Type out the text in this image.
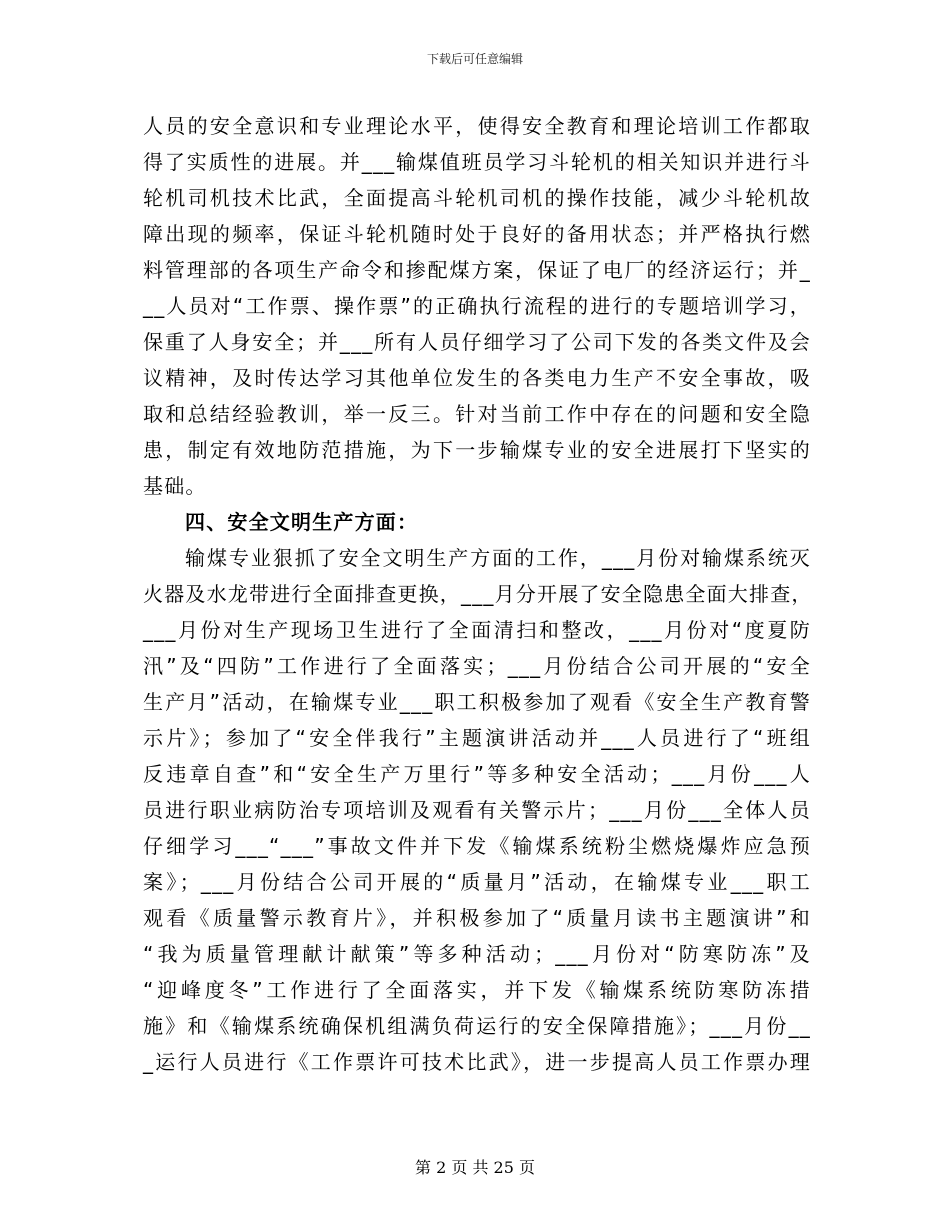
下载后可任意编辑
人员的安全意识和专业理论水平，使得安全教育和理论培训工作都取
得了实质性的进展。并___输煤值班员学习斗轮机的相关知识并进行斗
轮机司机技术比武，全面提高斗轮机司机的操作技能，减少斗轮机故
障出现的频率，保证斗轮机随时处于良好的备用状态；并严格执行燃
料管理部的各项生产命令和掺配煤方案，保证了电厂的经济运行；并_
__人员对“工作票、操作票”的正确执行流程的进行的专题培训学习，
保重了人身安全；并___所有人员仔细学习了公司下发的各类文件及会
议精神，及时传达学习其他单位发生的各类电力生产不安全事故，吸
取和总结经验教训，举一反三。针对当前工作中存在的问题和安全隐
患，制定有效地防范措施，为下一步输煤专业的安全进展打下坚实的
基础。
四、安全文明生产方面：
输煤专业狠抓了安全文明生产方面的工作，___月份对输煤系统灭
火器及水龙带进行全面排查更换，___月分开展了安全隐患全面大排查，
___月份对生产现场卫生进行了全面清扫和整改，___月份对“度夏防
汛”及“四防”工作进行了全面落实；___月份结合公司开展的“安全
生产月”活动，在输煤专业___职工积极参加了观看《安全生产教育警
示片》；参加了“安全伴我行”主题演讲活动并___人员进行了“班组
反违章自查”和“安全生产万里行”等多种安全活动；___月份___人
员进行职业病防治专项培训及观看有关警示片；___月份___全体人员
仔细学习___“___”事故文件并下发《输煤系统粉尘燃烧爆炸应急预
案》；___月份结合公司开展的“质量月”活动，在输煤专业___职工
观看《质量警示教育片》，并积极参加了“质量月读书主题演讲”和
“我为质量管理献计献策”等多种活动；___月份对“防寒防冻”及
“迎峰度冬”工作进行了全面落实，并下发《输煤系统防寒防冻措
施》和《输煤系统确保机组满负荷运行的安全保障措施》；___月份__
_运行人员进行《工作票许可技术比武》，进一步提高人员工作票办理
第 2 页 共 25 页
